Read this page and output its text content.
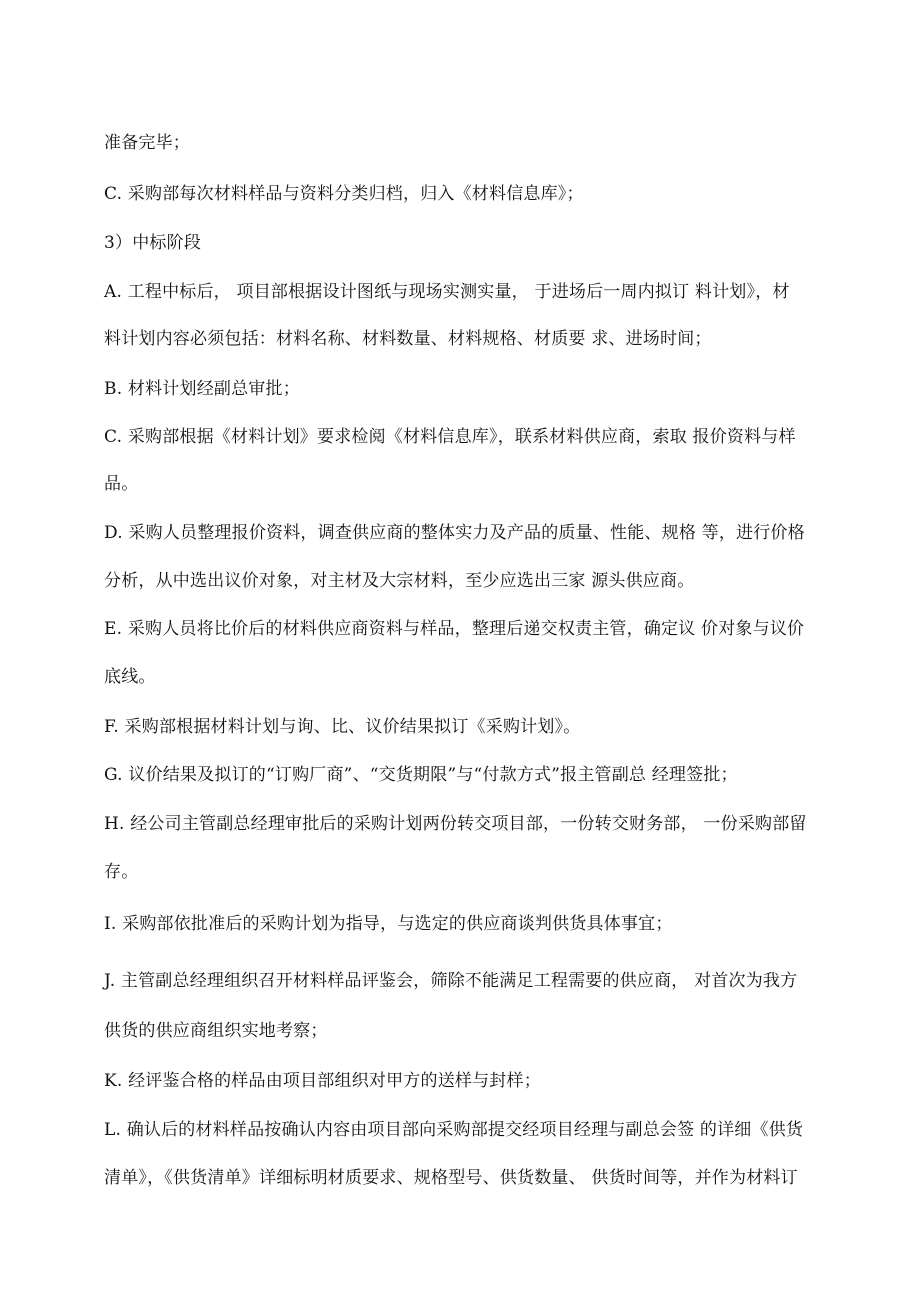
准备完毕；
C. 采购部每次材料样品与资料分类归档，归入《材料信息库》；
3）中标阶段
A. 工程中标后， 项目部根据设计图纸与现场实测实量， 于进场后一周内拟订 料计划》，材
料计划内容必须包括：材料名称、材料数量、材料规格、材质要 求、进场时间；
B. 材料计划经副总审批；
C. 采购部根据《材料计划》要求检阅《材料信息库》，联系材料供应商，索取 报价资料与样
品。
D. 采购人员整理报价资料，调查供应商的整体实力及产品的质量、性能、规格 等，进行价格
分析，从中选出议价对象，对主材及大宗材料，至少应选出三家 源头供应商。
E. 采购人员将比价后的材料供应商资料与样品，整理后递交权责主管，确定议 价对象与议价
底线。
F. 采购部根据材料计划与询、比、议价结果拟订《采购计划》。
G. 议价结果及拟订的“订购厂商”、“交货期限”与“付款方式”报主管副总 经理签批；
H. 经公司主管副总经理审批后的采购计划两份转交项目部，一份转交财务部， 一份采购部留
存。
I. 采购部依批准后的采购计划为指导，与选定的供应商谈判供货具体事宜；
J. 主管副总经理组织召开材料样品评鉴会，筛除不能满足工程需要的供应商， 对首次为我方
供货的供应商组织实地考察；
K. 经评鉴合格的样品由项目部组织对甲方的送样与封样；
L. 确认后的材料样品按确认内容由项目部向采购部提交经项目经理与副总会签 的详细《供货
清单》，《供货清单》详细标明材质要求、规格型号、供货数量、 供货时间等，并作为材料订
